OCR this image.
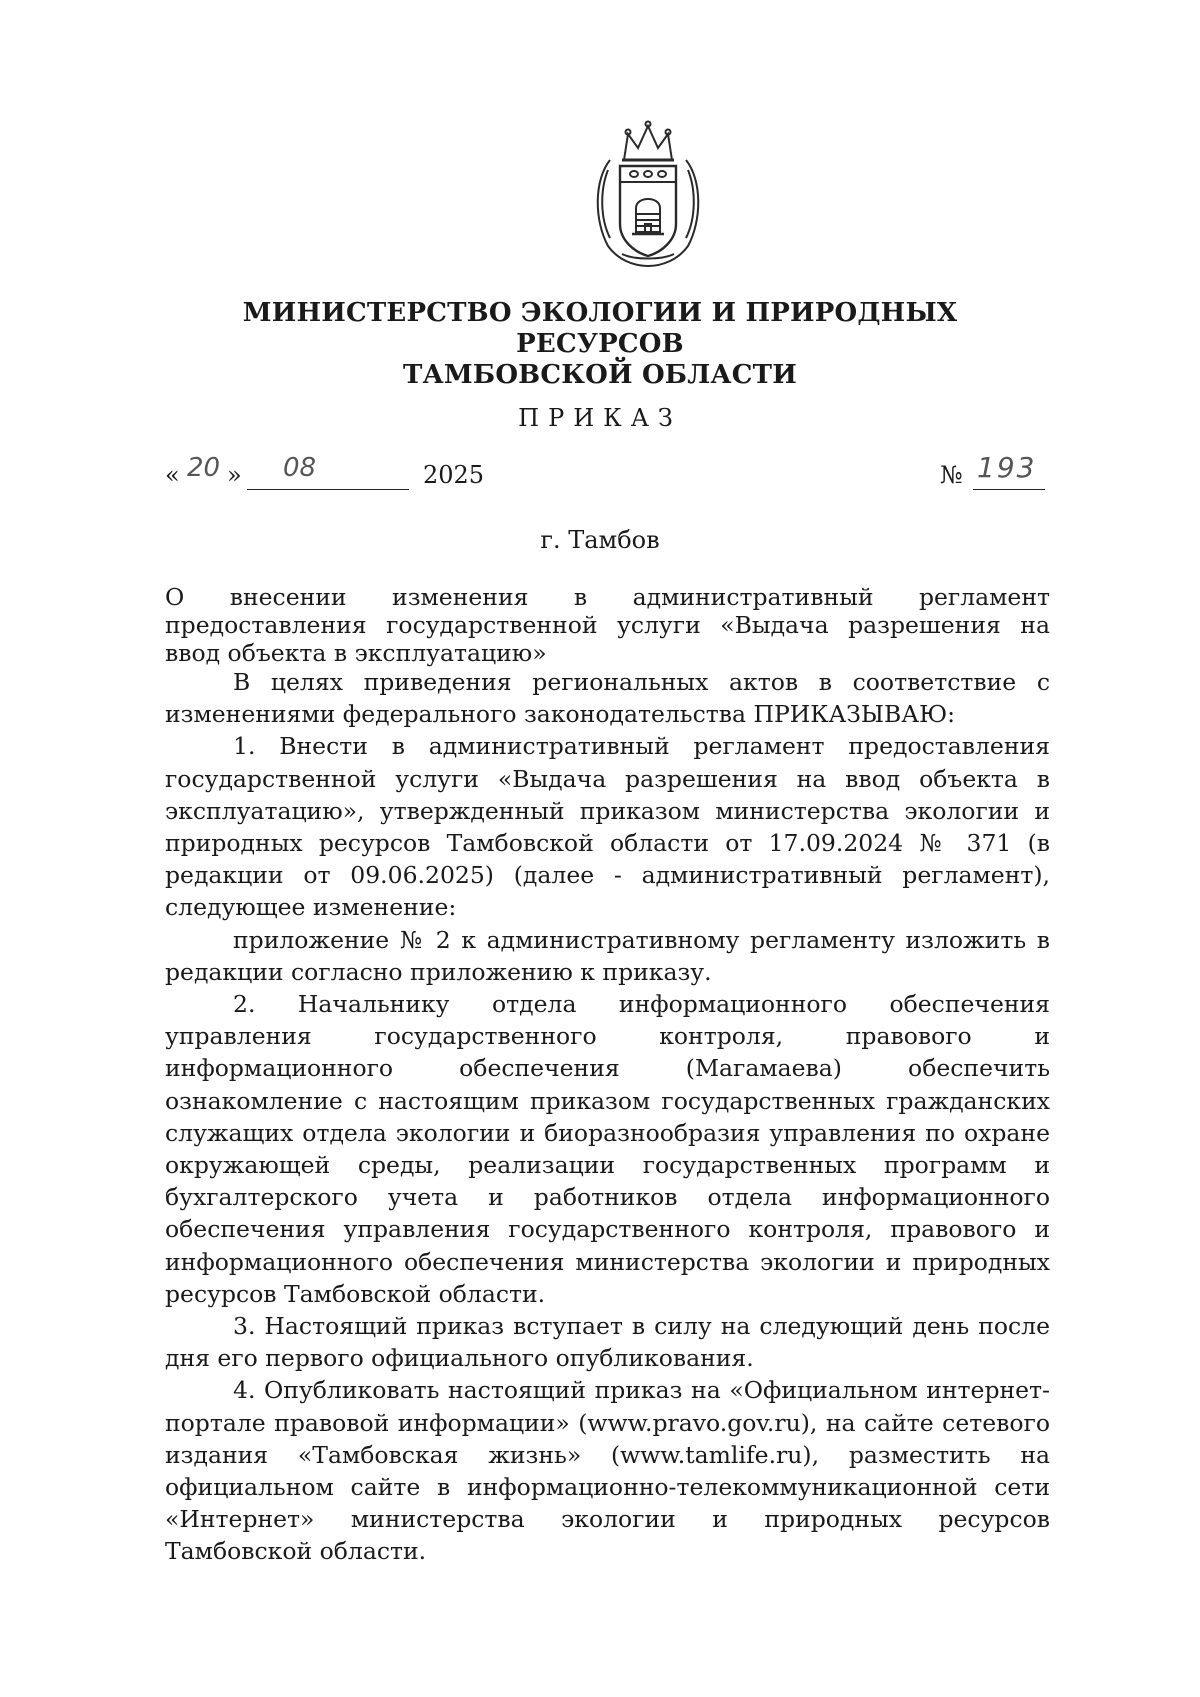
МИНИСТЕРСТВО ЭКОЛОГИИ И ПРИРОДНЫХ РЕСУРСОВ
ТАМБОВСКОЙ ОБЛАСТИ
ПРИКАЗ
« 20 » 08	2025	№ 193
г. Тамбов
О внесении изменения в административный регламент предоставления государственной услуги «Выдача разрешения на ввод объекта в эксплуатацию»

В целях приведения региональных актов в соответствие с изменениями федерального законодательства ПРИКАЗЫВАЮ:

1. Внести в административный регламент предоставления государственной услуги «Выдача разрешения на ввод объекта в эксплуатацию», утвержденный приказом министерства экологии и природных ресурсов Тамбовской области от 17.09.2024 № 371 (в редакции от 09.06.2025) (далее - административный регламент), следующее изменение:

приложение № 2 к административному регламенту изложить в редакции согласно приложению к приказу.

2. Начальнику отдела информационного обеспечения управления государственного контроля, правового и информационного обеспечения (Магамаева) обеспечить ознакомление с настоящим приказом государственных гражданских служащих отдела экологии и биоразнообразия управления по охране окружающей среды, реализации государственных программ и бухгалтерского учета и работников отдела информационного обеспечения управления государственного контроля, правового и информационного обеспечения министерства экологии и природных ресурсов Тамбовской области.

3. Настоящий приказ вступает в силу на следующий день после дня его первого официального опубликования.

4. Опубликовать настоящий приказ на «Официальном интернет-портале правовой информации» (www.pravo.gov.ru), на сайте сетевого издания «Тамбовская жизнь» (www.tamlife.ru), разместить на официальном сайте в информационно-телекоммуникационной сети «Интернет» министерства экологии и природных ресурсов Тамбовской области.
